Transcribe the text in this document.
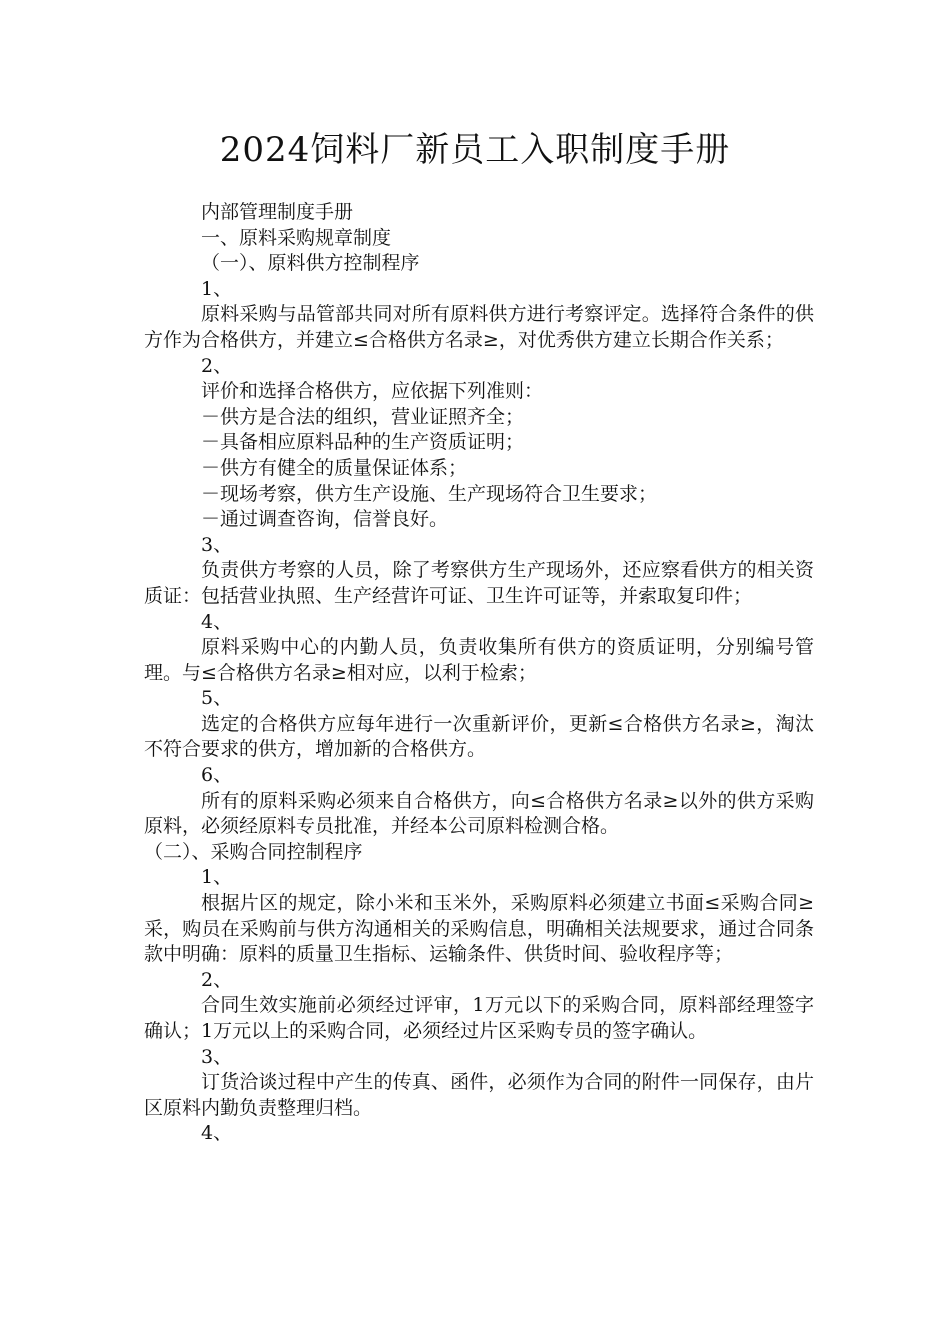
2024饲料厂新员工入职制度手册

内部管理制度手册

一、原料采购规章制度

（一）、原料供方控制程序

1、

原料采购与品管部共同对所有原料供方进行考察评定。选择符合条件的供方作为合格供方，并建立≤合格供方名录≥，对优秀供方建立长期合作关系；

2、

评价和选择合格供方，应依据下列准则：

－供方是合法的组织，营业证照齐全；

－具备相应原料品种的生产资质证明；

－供方有健全的质量保证体系；

－现场考察，供方生产设施、生产现场符合卫生要求；

－通过调查咨询，信誉良好。

3、

负责供方考察的人员，除了考察供方生产现场外，还应察看供方的相关资质证：包括营业执照、生产经营许可证、卫生许可证等，并索取复印件；

4、

原料采购中心的内勤人员，负责收集所有供方的资质证明，分别编号管理。与≤合格供方名录≥相对应，以利于检索；

5、

选定的合格供方应每年进行一次重新评价，更新≤合格供方名录≥，淘汰不符合要求的供方，增加新的合格供方。

6、

所有的原料采购必须来自合格供方，向≤合格供方名录≥以外的供方采购原料，必须经原料专员批准，并经本公司原料检测合格。

（二）、采购合同控制程序

1、

根据片区的规定，除小米和玉米外，采购原料必须建立书面≤采购合同≥采，购员在采购前与供方沟通相关的采购信息，明确相关法规要求，通过合同条款中明确：原料的质量卫生指标、运输条件、供货时间、验收程序等；

2、

合同生效实施前必须经过评审，1万元以下的采购合同，原料部经理签字确认；1万元以上的采购合同，必须经过片区采购专员的签字确认。

3、

订货洽谈过程中产生的传真、函件，必须作为合同的附件一同保存，由片区原料内勤负责整理归档。

4、
